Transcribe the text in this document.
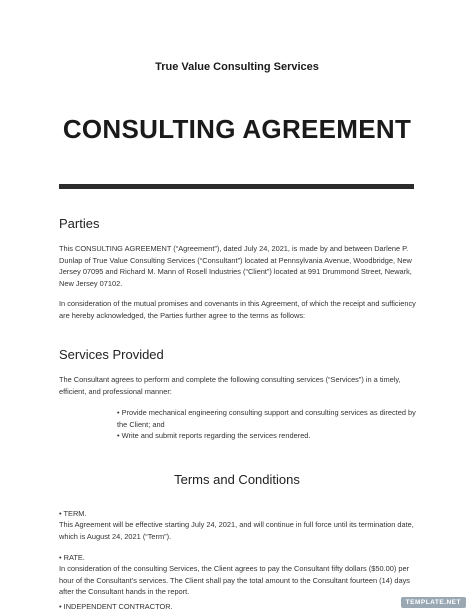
True Value Consulting Services
CONSULTING AGREEMENT
Parties
This CONSULTING AGREEMENT (“Agreement”), dated July 24, 2021, is made by and between Darlene P. Dunlap of True Value Consulting Services (“Consultant”) located at Pennsylvania Avenue, Woodbridge, New Jersey 07095 and Richard M. Mann of Rosell Industries (“Client”) located at 991 Drummond Street, Newark, New Jersey 07102.
In consideration of the mutual promises and covenants in this Agreement, of which the receipt and sufficiency are hereby acknowledged, the Parties further agree to the terms as follows:
Services Provided
The Consultant agrees to perform and complete the following consulting services (“Services”) in a timely, efficient, and professional manner:
• Provide mechanical engineering consulting support and consulting services as directed by the Client; and
• Write and submit reports regarding the services rendered.
Terms and Conditions
• TERM.
This Agreement will be effective starting July 24, 2021, and will continue in full force until its termination date, which is August 24, 2021 (“Term”).
• RATE.
In consideration of the consulting Services, the Client agrees to pay the Consultant fifty dollars ($50.00) per hour of the Consultant’s services. The Client shall pay the total amount to the Consultant fourteen (14) days after the Consultant hands in the report.
• INDEPENDENT CONTRACTOR.	TEMPLATE.NET
